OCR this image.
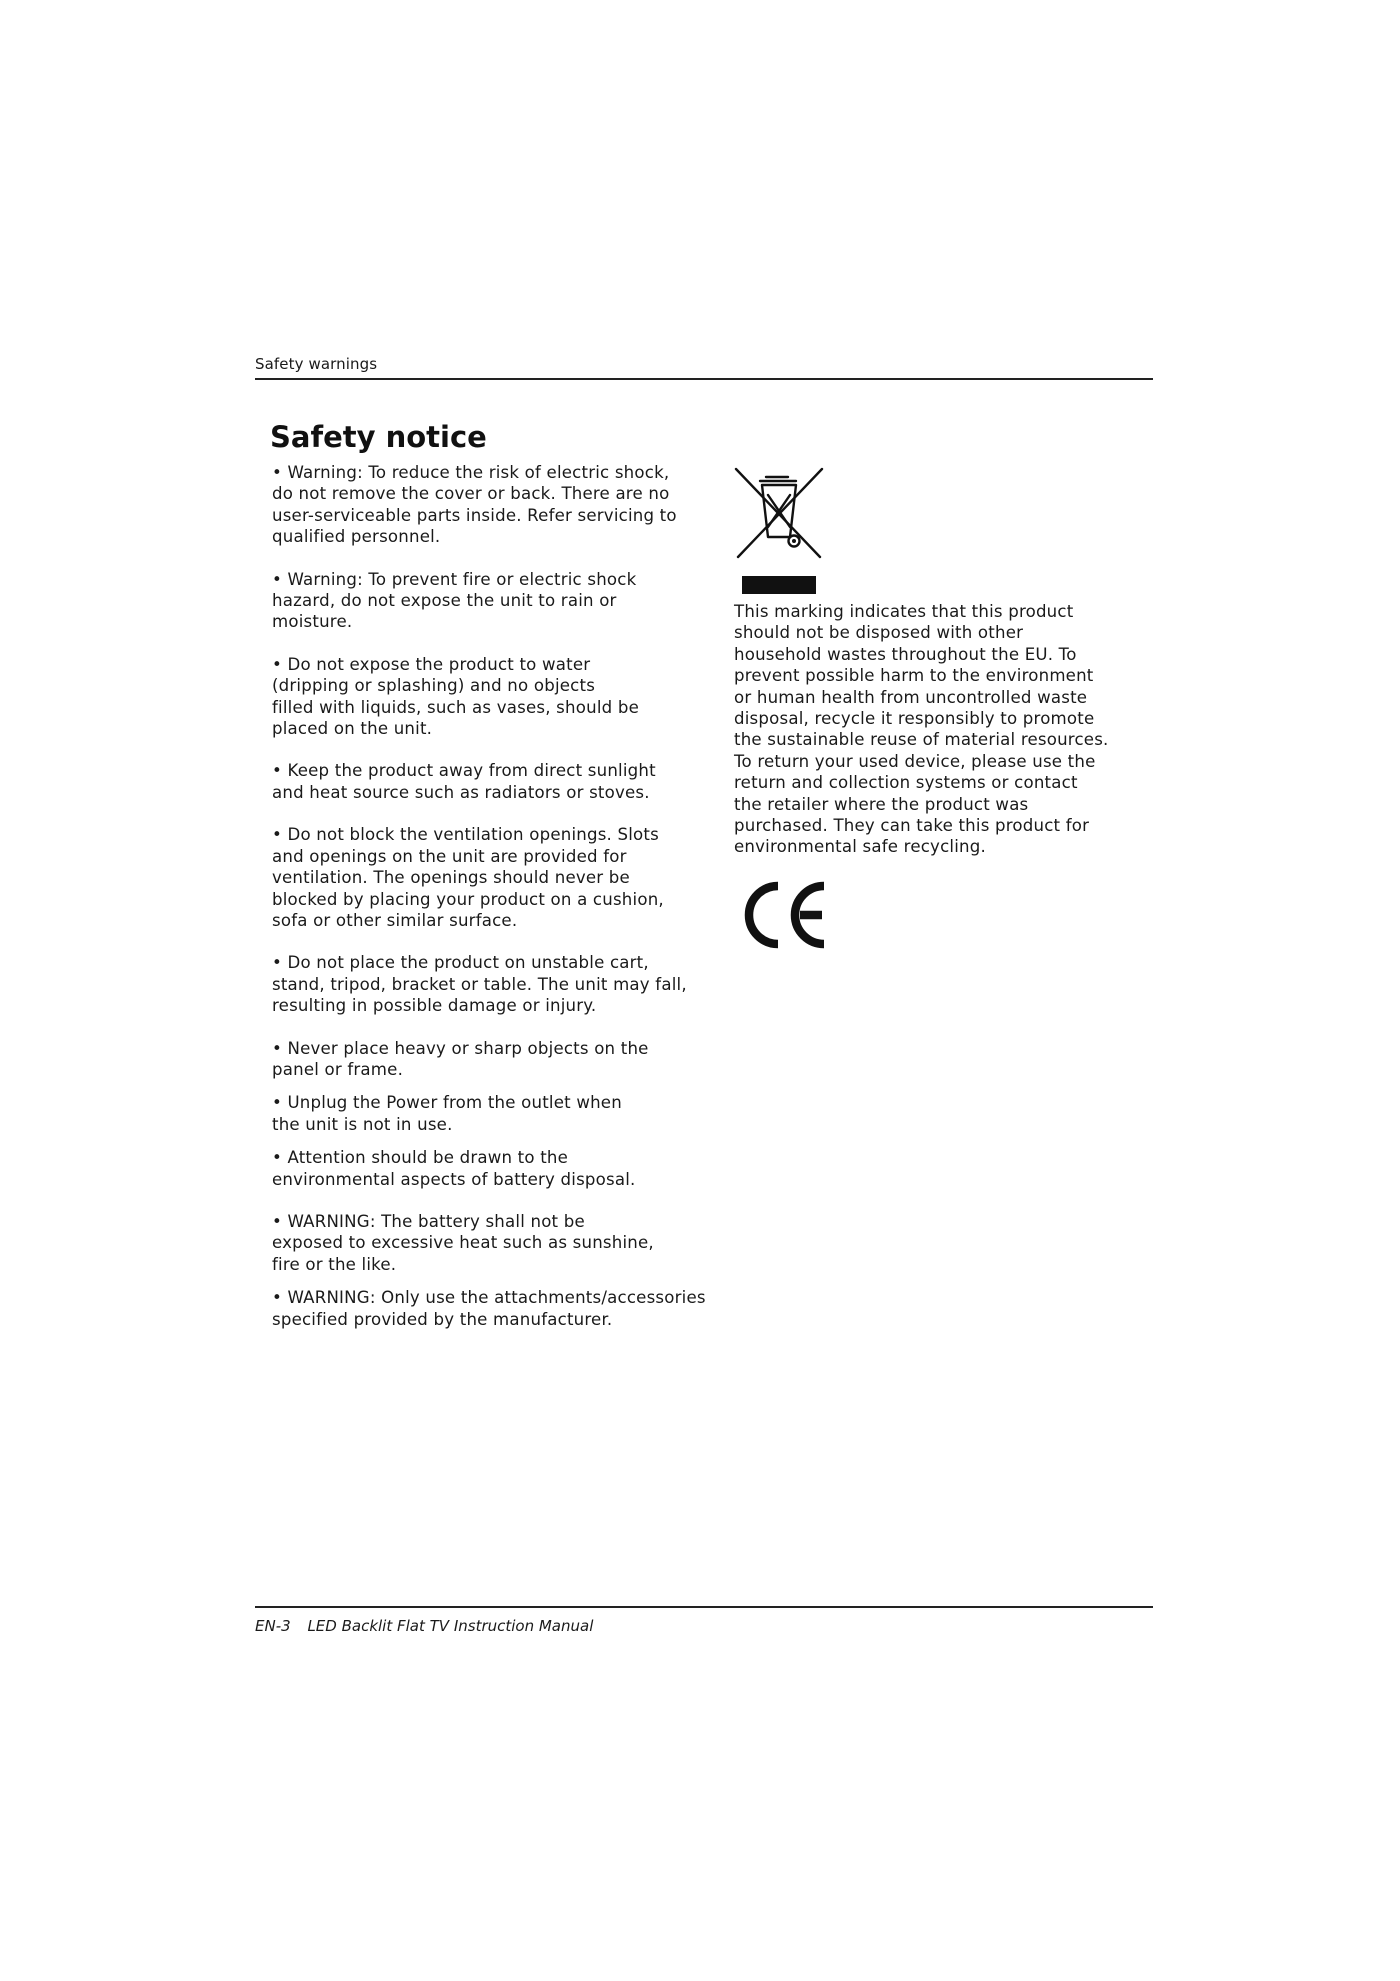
Safety warnings
Safety notice

• Warning: To reduce the risk of electric shock,
do not remove the cover or back. There are no
user-serviceable parts inside. Refer servicing to
qualified personnel.

• Warning: To prevent fire or electric shock
hazard, do not expose the unit to rain or
moisture.

• Do not expose the product to water
(dripping or splashing) and no objects
filled with liquids, such as vases, should be
placed on the unit.

• Keep the product away from direct sunlight
and heat source such as radiators or stoves.

• Do not block the ventilation openings. Slots
and openings on the unit are provided for
ventilation. The openings should never be
blocked by placing your product on a cushion,
sofa or other similar surface.

• Do not place the product on unstable cart,
stand, tripod, bracket or table. The unit may fall,
resulting in possible damage or injury.

• Never place heavy or sharp objects on the
panel or frame.

• Unplug the Power from the outlet when
the unit is not in use.

• Attention should be drawn to the
environmental aspects of battery disposal.

• WARNING: The battery shall not be
exposed to excessive heat such as sunshine,
fire or the like.

• WARNING: Only use the attachments/accessories
specified provided by the manufacturer.

This marking indicates that this product
should not be disposed with other
household wastes throughout the EU. To
prevent possible harm to the environment
or human health from uncontrolled waste
disposal, recycle it responsibly to promote
the sustainable reuse of material resources.
To return your used device, please use the
return and collection systems or contact
the retailer where the product was
purchased. They can take this product for
environmental safe recycling.

EN-3 LED Backlit Flat TV Instruction Manual
